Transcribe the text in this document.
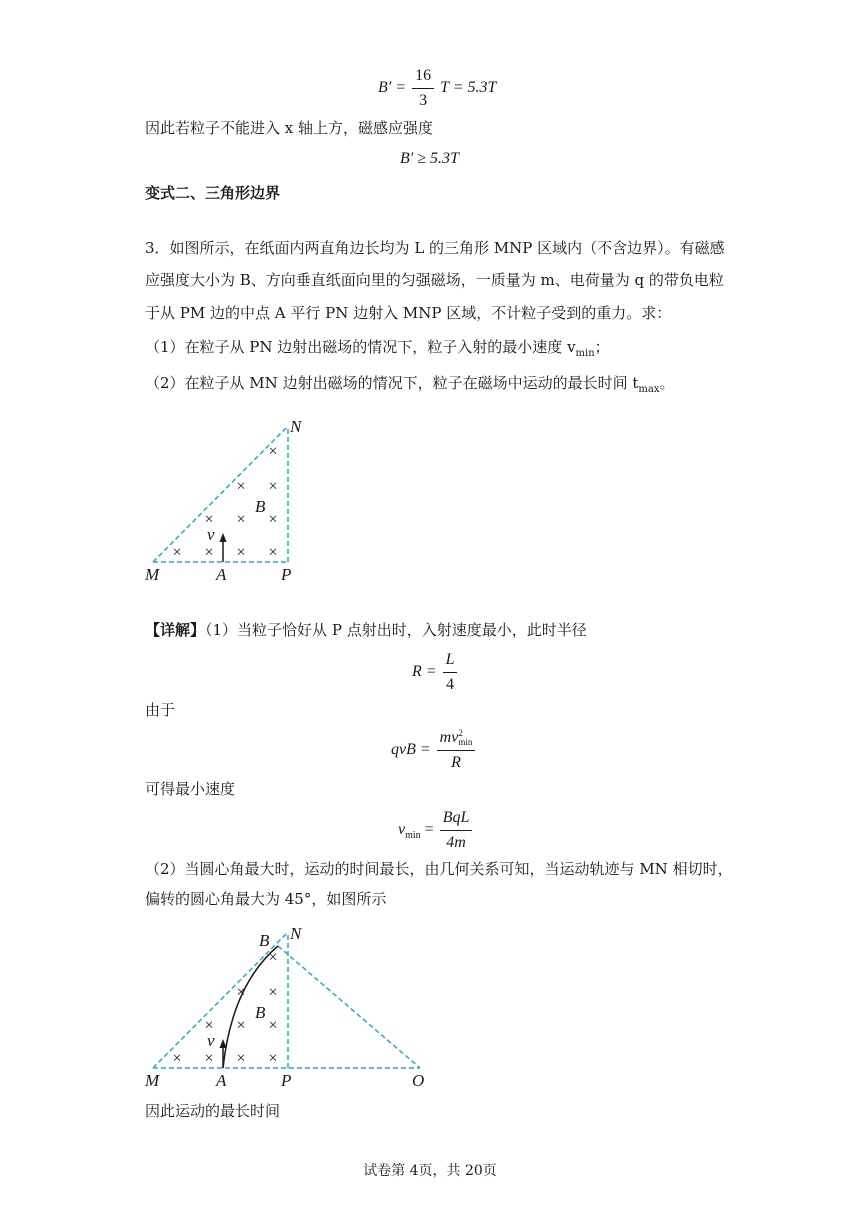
$B' = \frac{16}{3}$ T = 5.3T
因此若粒子不能进入 x 轴上方，磁感应强度
B′ ≥ 5.3T
变式二、三角形边界
3．如图所示，在纸面内两直角边长均为 L 的三角形 MNP 区域内（不含边界）。有磁感
应强度大小为 B、方向垂直纸面向里的匀强磁场，一质量为 m、电荷量为 q 的带负电粒
于从 PM 边的中点 A 平行 PN 边射入 MNP 区域，不计粒子受到的重力。求：
（1）在粒子从 PN 边射出磁场的情况下，粒子入射的最小速度 $v_{min}$；
（2）在粒子从 MN 边射出磁场的情况下，粒子在磁场中运动的最长时间 $t_{max}$。
×
× ×
× × ×
× × × ×
N
B
v
M	A	P
【详解】（1）当粒子恰好从 P 点射出时，入射速度最小，此时半径
$R = \frac{L}{4}$
由于
qvB = mv 2
min
R
可得最小速度
$v_{min} = \frac{\text{BqL}}{4m}$
（2）当圆心角最大时，运动的时间最长，由几何关系可知，当运动轨迹与 MN 相切时，
偏转的圆心角最大为 45°，如图所示
×
× ×
× × ×
× × × ×
B N
B
v
M	A	P	O
因此运动的最长时间
试卷第 4页，共 20页
